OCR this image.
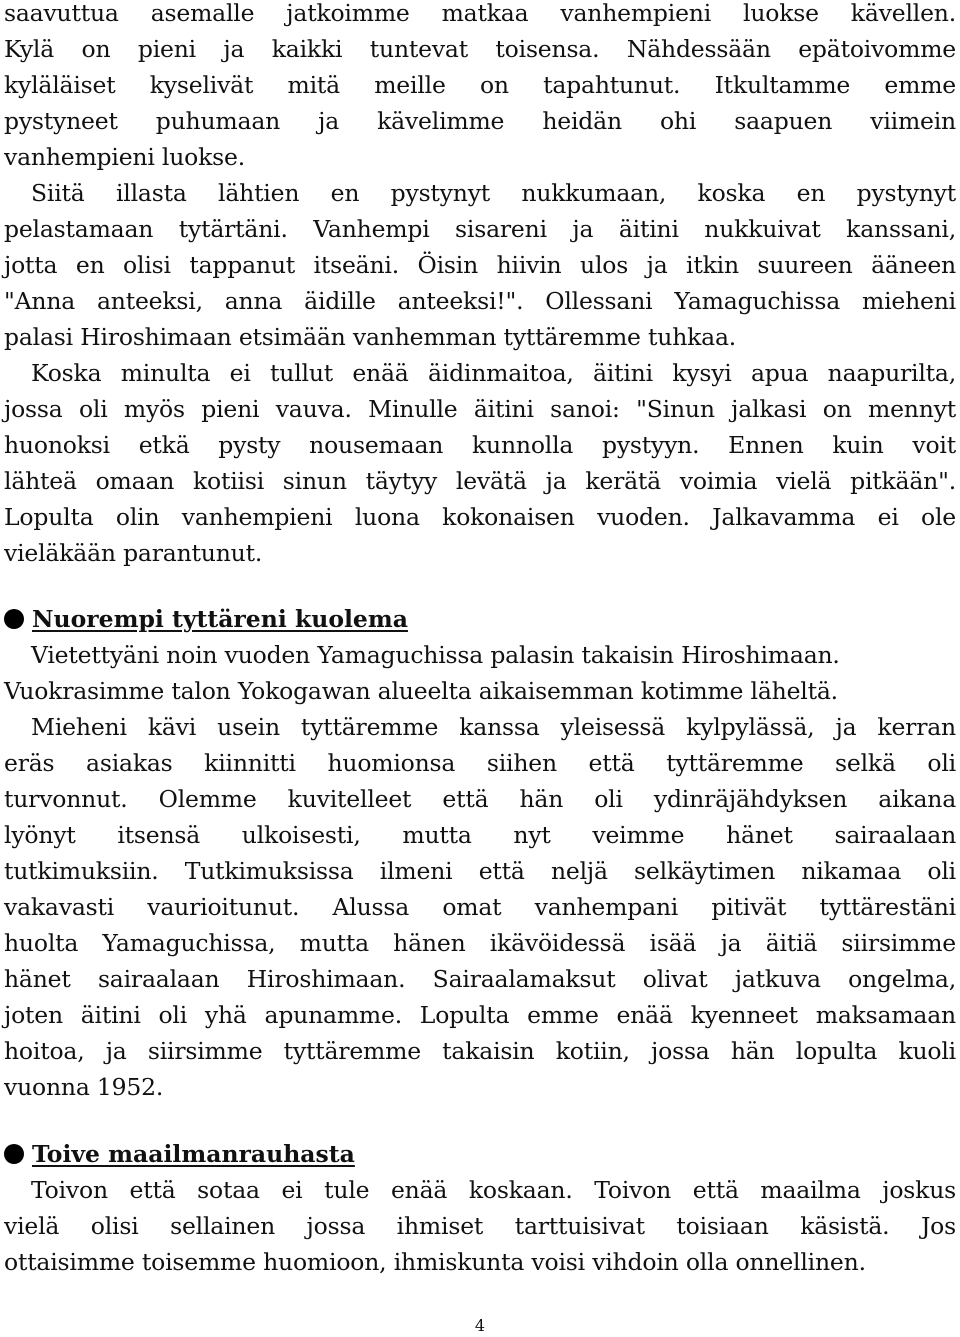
saavuttua asemalle jatkoimme matkaa vanhempieni luokse kävellen.
Kylä on pieni ja kaikki tuntevat toisensa. Nähdessään epätoivomme
kyläläiset kyselivät mitä meille on tapahtunut. Itkultamme emme
pystyneet puhumaan ja kävelimme heidän ohi saapuen viimein
vanhempieni luokse.
Siitä illasta lähtien en pystynyt nukkumaan, koska en pystynyt
pelastamaan tytärtäni. Vanhempi sisareni ja äitini nukkuivat kanssani,
jotta en olisi tappanut itseäni. Öisin hiivin ulos ja itkin suureen ääneen
"Anna anteeksi, anna äidille anteeksi!". Ollessani Yamaguchissa mieheni
palasi Hiroshimaan etsimään vanhemman tyttäremme tuhkaa.
Koska minulta ei tullut enää äidinmaitoa, äitini kysyi apua naapurilta,
jossa oli myös pieni vauva. Minulle äitini sanoi: "Sinun jalkasi on mennyt
huonoksi etkä pysty nousemaan kunnolla pystyyn. Ennen kuin voit
lähteä omaan kotiisi sinun täytyy levätä ja kerätä voimia vielä pitkään".
Lopulta olin vanhempieni luona kokonaisen vuoden. Jalkavamma ei ole
vieläkään parantunut.
Nuorempi tyttäreni kuolema
Vietettyäni noin vuoden Yamaguchissa palasin takaisin Hiroshimaan.
Vuokrasimme talon Yokogawan alueelta aikaisemman kotimme läheltä.
Mieheni kävi usein tyttäremme kanssa yleisessä kylpylässä, ja kerran
eräs asiakas kiinnitti huomionsa siihen että tyttäremme selkä oli
turvonnut. Olemme kuvitelleet että hän oli ydinräjähdyksen aikana
lyönyt itsensä ulkoisesti, mutta nyt veimme hänet sairaalaan
tutkimuksiin. Tutkimuksissa ilmeni että neljä selkäytimen nikamaa oli
vakavasti vaurioitunut. Alussa omat vanhempani pitivät tyttärestäni
huolta Yamaguchissa, mutta hänen ikävöidessä isää ja äitiä siirsimme
hänet sairaalaan Hiroshimaan. Sairaalamaksut olivat jatkuva ongelma,
joten äitini oli yhä apunamme. Lopulta emme enää kyenneet maksamaan
hoitoa, ja siirsimme tyttäremme takaisin kotiin, jossa hän lopulta kuoli
vuonna 1952.
Toive maailmanrauhasta
Toivon että sotaa ei tule enää koskaan. Toivon että maailma joskus
vielä olisi sellainen jossa ihmiset tarttuisivat toisiaan käsistä. Jos
ottaisimme toisemme huomioon, ihmiskunta voisi vihdoin olla onnellinen.
4
